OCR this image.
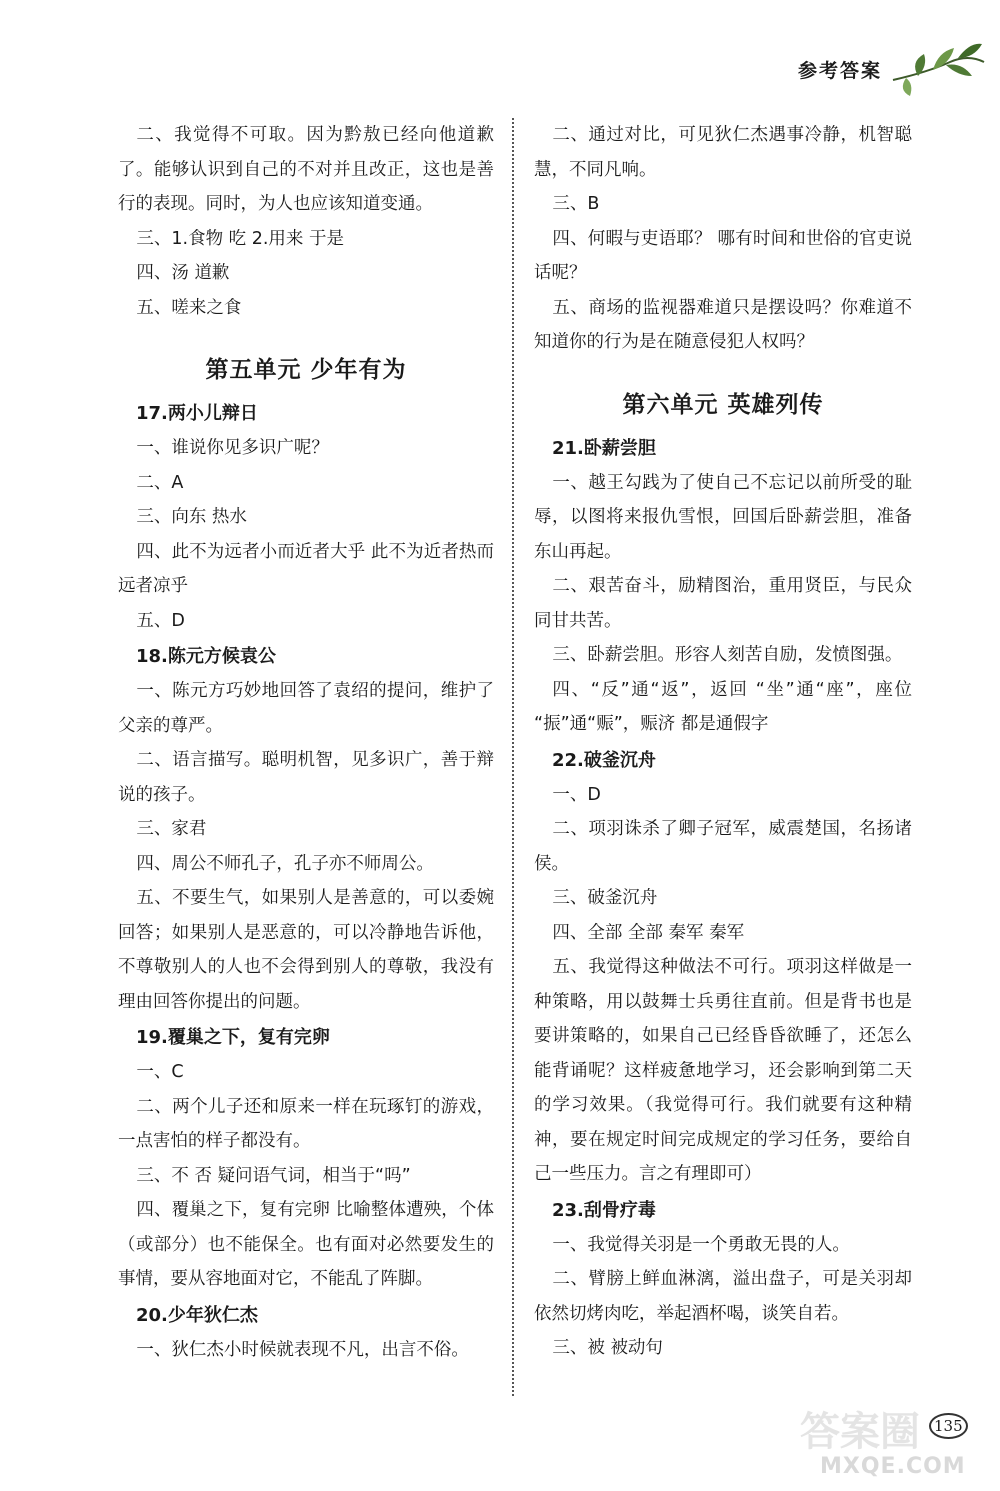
参考答案

二、我觉得不可取。因为黔敖已经向他道歉了。能够认识到自己的不对并且改正，这也是善行的表现。同时，为人也应该知道变通。

三、1.食物 吃 2.用来 于是

四、汤 道歉

五、嗟来之食

第五单元 少年有为
17.两小儿辩日

一、谁说你见多识广呢？

二、A

三、向东 热水

四、此不为远者小而近者大乎 此不为近者热而远者凉乎

五、D

18.陈元方候袁公

一、陈元方巧妙地回答了袁绍的提问，维护了父亲的尊严。

二、语言描写。聪明机智，见多识广，善于辩说的孩子。

三、家君

四、周公不师孔子，孔子亦不师周公。

五、不要生气，如果别人是善意的，可以委婉回答；如果别人是恶意的，可以冷静地告诉他，不尊敬别人的人也不会得到别人的尊敬，我没有理由回答你提出的问题。

19.覆巢之下，复有完卵

一、C

二、两个儿子还和原来一样在玩琢钉的游戏，一点害怕的样子都没有。

三、不 否 疑问语气词，相当于“吗”

四、覆巢之下，复有完卵 比喻整体遭殃，个体（或部分）也不能保全。也有面对必然要发生的事情，要从容地面对它，不能乱了阵脚。

20.少年狄仁杰

一、狄仁杰小时候就表现不凡，出言不俗。

二、通过对比，可见狄仁杰遇事冷静，机智聪慧，不同凡响。

三、B

四、何暇与吏语耶？ 哪有时间和世俗的官吏说话呢？

五、商场的监视器难道只是摆设吗？你难道不知道你的行为是在随意侵犯人权吗？

第六单元 英雄列传
21.卧薪尝胆

一、越王勾践为了使自己不忘记以前所受的耻辱，以图将来报仇雪恨，回国后卧薪尝胆，准备东山再起。

二、艰苦奋斗，励精图治，重用贤臣，与民众同甘共苦。

三、卧薪尝胆。形容人刻苦自励，发愤图强。

四、“反”通“返”，返回 “坐”通“座”，座位 “振”通“赈”，赈济 都是通假字

22.破釜沉舟

一、D

二、项羽诛杀了卿子冠军，威震楚国，名扬诸侯。

三、破釜沉舟

四、全部 全部 秦军 秦军

五、我觉得这种做法不可行。项羽这样做是一种策略，用以鼓舞士兵勇往直前。但是背书也是要讲策略的，如果自己已经昏昏欲睡了，还怎么能背诵呢？这样疲惫地学习，还会影响到第二天的学习效果。（我觉得可行。我们就要有这种精神，要在规定时间完成规定的学习任务，要给自己一些压力。言之有理即可）

23.刮骨疗毒

一、我觉得关羽是一个勇敢无畏的人。

二、臂膀上鲜血淋漓，溢出盘子，可是关羽却依然切烤肉吃，举起酒杯喝，谈笑自若。

三、被 被动句

答案圈
MXQE.COM
135
